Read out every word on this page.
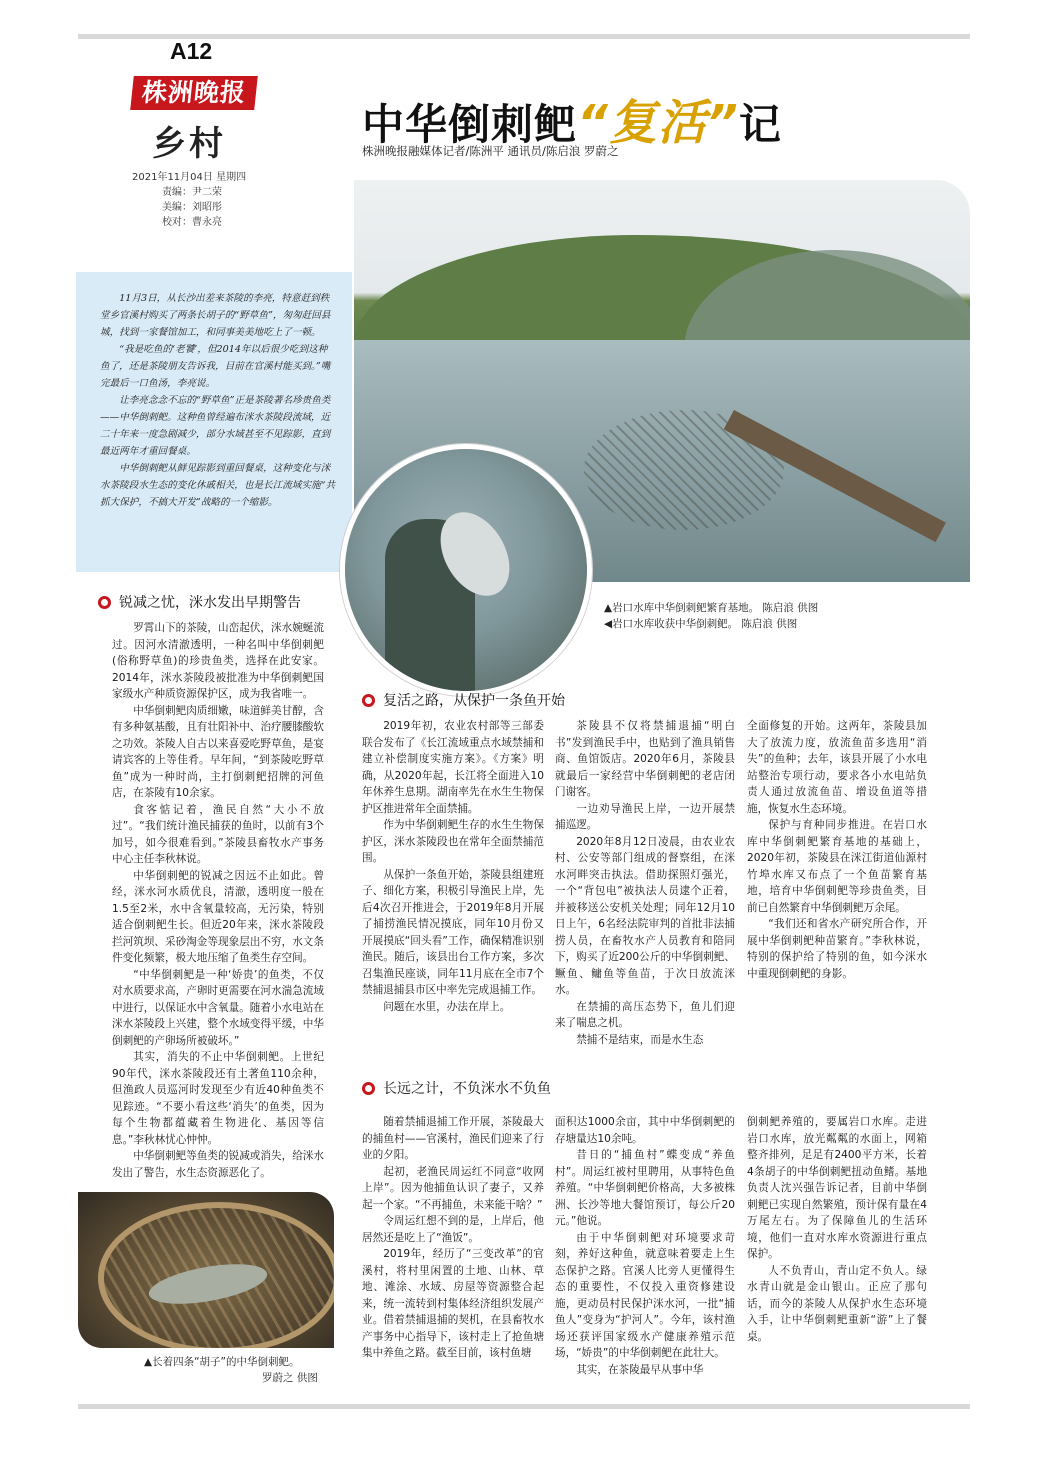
A12
株洲晚报
乡村
2021年11月04日 星期四
责编：尹二荣
美编：刘昭彤
校对：曹永亮
中华倒刺鲃“复活”记
株洲晚报融媒体记者/陈洲平 通讯员/陈启浪 罗蔚之

11月3日，从长沙出差来茶陵的李亮，特意赶到秩堂乡官溪村购买了两条长胡子的“野草鱼”，匆匆赶回县城，找到一家餐馆加工，和同事美美地吃上了一顿。

“我是吃鱼的‘老饕’，但2014年以后很少吃到这种鱼了，还是茶陵朋友告诉我，目前在官溪村能买到。”嘴完最后一口鱼汤，李亮说。

让李亮念念不忘的“野草鱼”正是茶陵著名珍贵鱼类——中华倒刺鲃。这种鱼曾经遍布洣水茶陵段流域，近二十年来一度急剧减少，部分水域甚至不见踪影，直到最近两年才重回餐桌。

中华倒刺鲃从鲜见踪影到重回餐桌，这种变化与洣水茶陵段水生态的变化休戚相关，也是长江流域实施“共抓大保护，不搞大开发”战略的一个缩影。

▲岩口水库中华倒刺鲃繁育基地。 陈启浪 供图
◀岩口水库收获中华倒刺鲃。 陈启浪 供图
锐减之忧，洣水发出早期警告

罗霄山下的茶陵，山峦起伏，洣水婉蜒流过。因河水清澈透明，一种名叫中华倒刺鲃(俗称野草鱼)的珍贵鱼类，选择在此安家。2014年，洣水茶陵段被批准为中华倒刺鲃国家级水产种质资源保护区，成为我省唯一。

中华倒刺鲃肉质细嫩，味道鲜美甘醇，含有多种氨基酸，且有壮阳补中、治疗腰膝酸软之功效。茶陵人自古以来喜爱吃野草鱼，是宴请宾客的上等佳肴。早年间，“到茶陵吃野草鱼”成为一种时尚，主打倒刺鲃招牌的河鱼店，在茶陵有10余家。

食客惦记着，渔民自然“大小不放过”。“我们统计渔民捕获的鱼时，以前有3个加号，如今很难看到。”茶陵县畜牧水产事务中心主任李秋林说。

中华倒刺鲃的锐减之因远不止如此。曾经，洣水河水质优良，清澈，透明度一般在1.5至2米，水中含氧量较高，无污染，特别适合倒刺鲃生长。但近20年来，洣水茶陵段拦河筑坝、采砂淘金等现象层出不穷，水文条件变化频繁，极大地压缩了鱼类生存空间。

“中华倒刺鲃是一种‘娇贵’的鱼类，不仅对水质要求高，产卵时更需要在河水湍急流域中进行，以保证水中含氧量。随着小水电站在洣水茶陵段上兴建，整个水域变得平缓，中华倒刺鲃的产卵场所被破坏。”

其实，消失的不止中华倒刺鲃。上世纪90年代，洣水茶陵段还有土著鱼110余种，但渔政人员巡河时发现至少有近40种鱼类不见踪迹。“不要小看这些‘消失’的鱼类，因为每个生物都蕴藏着生物进化、基因等信息。”李秋林忧心忡忡。

中华倒刺鲃等鱼类的锐减或消失，给洣水发出了警告，水生态资源恶化了。

复活之路，从保护一条鱼开始

2019年初，农业农村部等三部委联合发布了《长江流域重点水域禁捕和建立补偿制度实施方案》。《方案》明确，从2020年起，长江将全面进入10年休养生息期。湖南率先在水生生物保护区推进常年全面禁捕。

作为中华倒刺鲃生存的水生生物保护区，洣水茶陵段也在常年全面禁捕范围。

从保护一条鱼开始，茶陵县组建班子、细化方案，积极引导渔民上岸，先后4次召开推进会，于2019年8月开展了捕捞渔民情况摸底，同年10月份又开展摸底“回头看”工作，确保精准识别渔民。随后，该县出台工作方案，多次召集渔民座谈，同年11月底在全市7个禁捕退捕县市区中率先完成退捕工作。

问题在水里，办法在岸上。

茶陵县不仅将禁捕退捕“明白书”发到渔民手中，也贴到了渔具销售商、鱼馆饭店。2020年6月，茶陵县就最后一家经营中华倒刺鲃的老店闭门谢客。

一边劝导渔民上岸，一边开展禁捕巡逻。

2020年8月12日凌晨，由农业农村、公安等部门组成的督察组，在洣水河畔突击执法。借助探照灯强光，一个“背包电”被执法人员逮个正着，并被移送公安机关处理；同年12月10日上午，6名经法院审判的首批非法捕捞人员，在畜牧水产人员教育和陪同下，购买了近200公斤的中华倒刺鲃、鳜鱼、鳙鱼等鱼苗，于次日放流洣水。

在禁捕的高压态势下，鱼儿们迎来了喘息之机。

禁捕不是结束，而是水生态

全面修复的开始。这两年，茶陵县加大了放流力度，放流鱼苗多选用“消失”的鱼种；去年，该县开展了小水电站整治专项行动，要求各小水电站负责人通过放流鱼苗、增设鱼道等措施，恢复水生态环境。

保护与育种同步推进。在岩口水库中华倒刺鲃繁育基地的基础上，2020年初，茶陵县在洣江街道仙源村竹埠水库又布点了一个鱼苗繁育基地，培育中华倒刺鲃等珍贵鱼类，目前已自然繁育中华倒刺鲃万余尾。

“我们还和省水产研究所合作，开展中华倒刺鲃种苗繁育。”李秋林说，特别的保护给了特别的鱼，如今洣水中重现倒刺鲃的身影。

长远之计，不负洣水不负鱼

随着禁捕退捕工作开展，茶陵最大的捕鱼村——官溪村，渔民们迎来了行业的夕阳。

起初，老渔民周运红不同意“收网上岸”。因为他捕鱼认识了妻子，又养起一个家。“不再捕鱼，未来能干啥？”

令周运红想不到的是，上岸后，他居然还是吃上了“渔饭”。

2019年，经历了“三变改革”的官溪村，将村里闲置的土地、山林、草地、滩涂、水域、房屋等资源整合起来，统一流转到村集体经济组织发展产业。借着禁捕退捕的契机，在县畜牧水产事务中心指导下，该村走上了抢鱼塘集中养鱼之路。截至目前，该村鱼塘

面积达1000余亩，其中中华倒刺鲃的存塘量达10余吨。

昔日的“捕鱼村”蝶变成“养鱼村”。周运红被村里聘用，从事特色鱼养殖。“中华倒刺鲃价格高，大多被株洲、长沙等地大餐馆预订，每公斤20元。”他说。

由于中华倒刺鲃对环境要求苛刻，养好这种鱼，就意味着要走上生态保护之路。官溪人比旁人更懂得生态的重要性，不仅投入重资修建设施，更动员村民保护洣水河，一批“捕鱼人”变身为“护河人”。今年，该村渔场还获评国家级水产健康养殖示范场，“娇贵”的中华倒刺鲃在此壮大。

其实，在茶陵最早从事中华

倒刺鲃养殖的，要属岩口水库。走进岩口水库，放光粼粼的水面上，网箱整齐排列，足足有2400平方米，长着4条胡子的中华倒刺鲃扭动鱼鳍。基地负责人沈兴强告诉记者，目前中华倒刺鲃已实现自然繁殖，预计保有量在4万尾左右。为了保障鱼儿的生活环境，他们一直对水库水资源进行重点保护。

人不负青山，青山定不负人。绿水青山就是金山银山。正应了那句话，而今的茶陵人从保护水生态环境入手，让中华倒刺鲃重新“游”上了餐桌。

▲长着四条“胡子”的中华倒刺鲃。
罗蔚之 供图
